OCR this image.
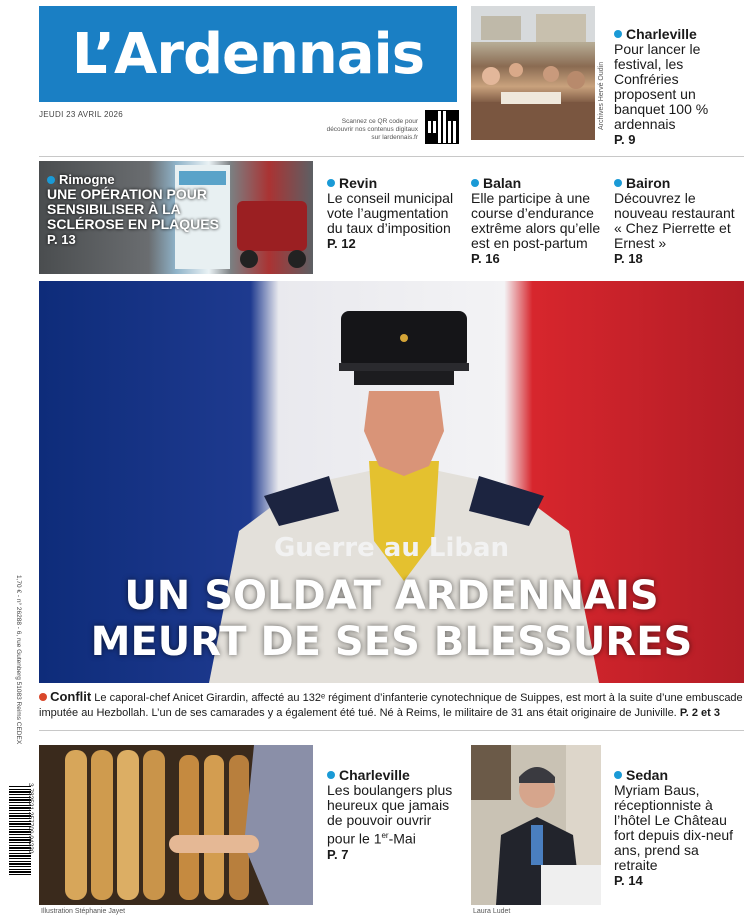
L’Ardennais
JEUDI 23 AVRIL 2026
Scannez ce QR code pour découvrir nos contenus digitaux sur lardennais.fr
Archives Hervé Oudin
Charleville
Pour lancer le festival, les Confréries proposent un banquet 100 % ardennais
P. 9
Rimogne
UNE OPÉRATION POUR SENSIBILISER À LA SCLÉROSE EN PLAQUES
P. 13
Revin
Le conseil municipal vote l’augmentation du taux d’imposition
P. 12
Balan
Elle participe à une course d’endurance extrême alors qu’elle est en post-partum
P. 16
Bairon
Découvrez le nouveau restaurant « Chez Pierrette et Ernest »
P. 18
Guerre au Liban
UN SOLDAT ARDENNAIS
MEURT DE SES BLESSURES
Conflit Le caporal-chef Anicet Girardin, affecté au 132ᵉ régiment d’infanterie cynotechnique de Suippes, est mort à la suite d’une embuscade imputée au Hezbollah. L’un de ses camarades y a également été tué. Né à Reims, le militaire de 31 ans était originaire de Juniville. P. 2 et 3
1,70 € - n° 26288 - 6, rue Gutenberg 51083 Reims CEDEX
3 782521 257709 04230
Illustration Stéphanie Jayet
Charleville
Les boulangers plus heureux que jamais de pouvoir ouvrir pour le 1er-Mai
P. 7
Laura Ludet
Sedan
Myriam Baus, réceptionniste à l’hôtel Le Château fort depuis dix-neuf ans, prend sa retraite
P. 14
